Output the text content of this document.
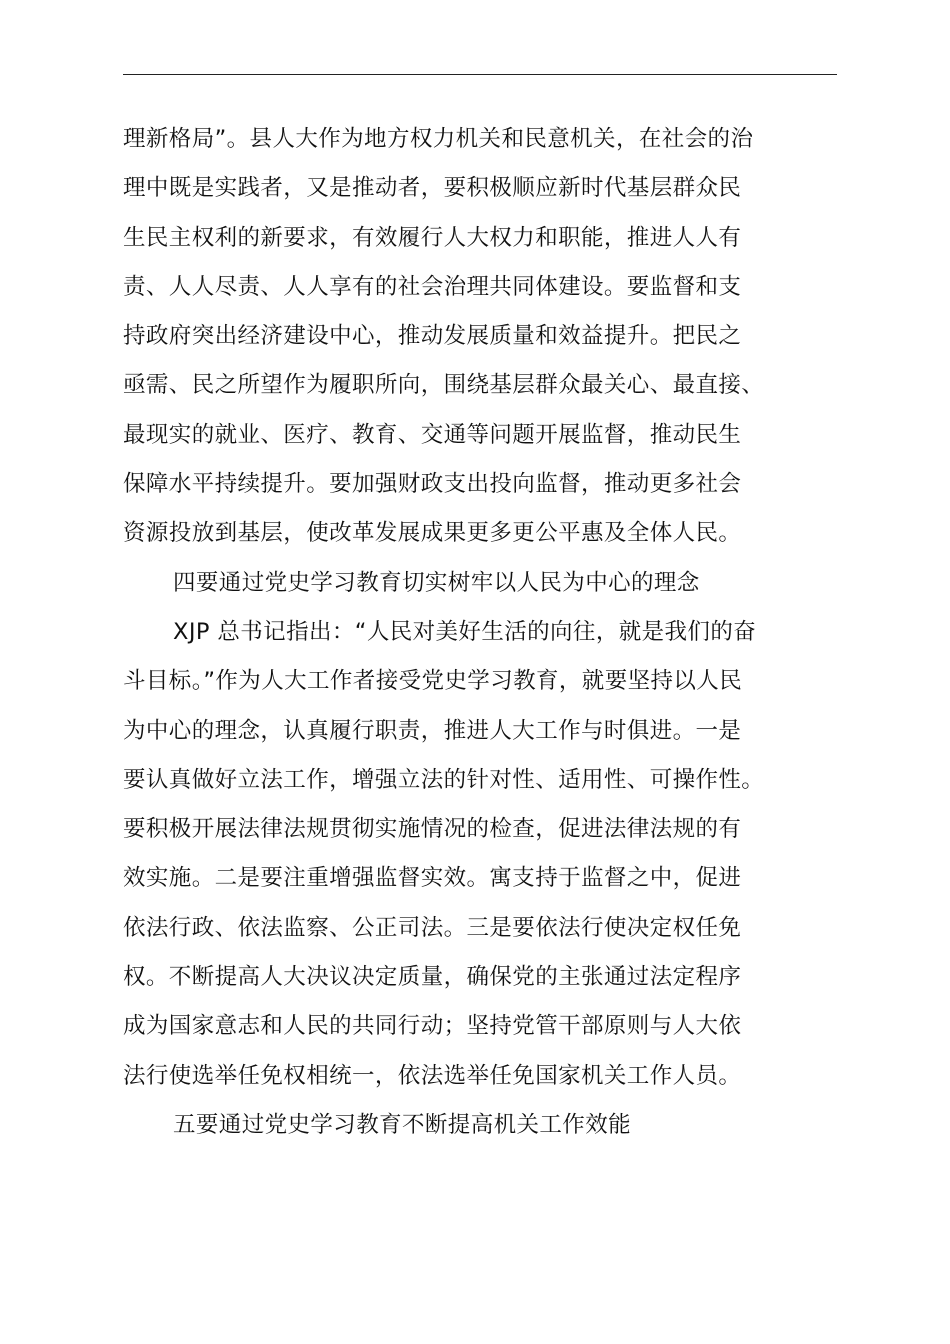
理新格局”。县人大作为地方权力机关和民意机关，在社会的治
理中既是实践者，又是推动者，要积极顺应新时代基层群众民
生民主权利的新要求，有效履行人大权力和职能，推进人人有
责、人人尽责、人人享有的社会治理共同体建设。要监督和支
持政府突出经济建设中心，推动发展质量和效益提升。把民之
亟需、民之所望作为履职所向，围绕基层群众最关心、最直接、
最现实的就业、医疗、教育、交通等问题开展监督，推动民生
保障水平持续提升。要加强财政支出投向监督，推动更多社会
资源投放到基层，使改革发展成果更多更公平惠及全体人民。
四要通过党史学习教育切实树牢以人民为中心的理念
XJP 总书记指出：“人民对美好生活的向往，就是我们的奋
斗目标。”作为人大工作者接受党史学习教育，就要坚持以人民
为中心的理念，认真履行职责，推进人大工作与时俱进。一是
要认真做好立法工作，增强立法的针对性、适用性、可操作性。
要积极开展法律法规贯彻实施情况的检查，促进法律法规的有
效实施。二是要注重增强监督实效。寓支持于监督之中，促进
依法行政、依法监察、公正司法。三是要依法行使决定权任免
权。不断提高人大决议决定质量，确保党的主张通过法定程序
成为国家意志和人民的共同行动；坚持党管干部原则与人大依
法行使选举任免权相统一，依法选举任免国家机关工作人员。
五要通过党史学习教育不断提高机关工作效能
